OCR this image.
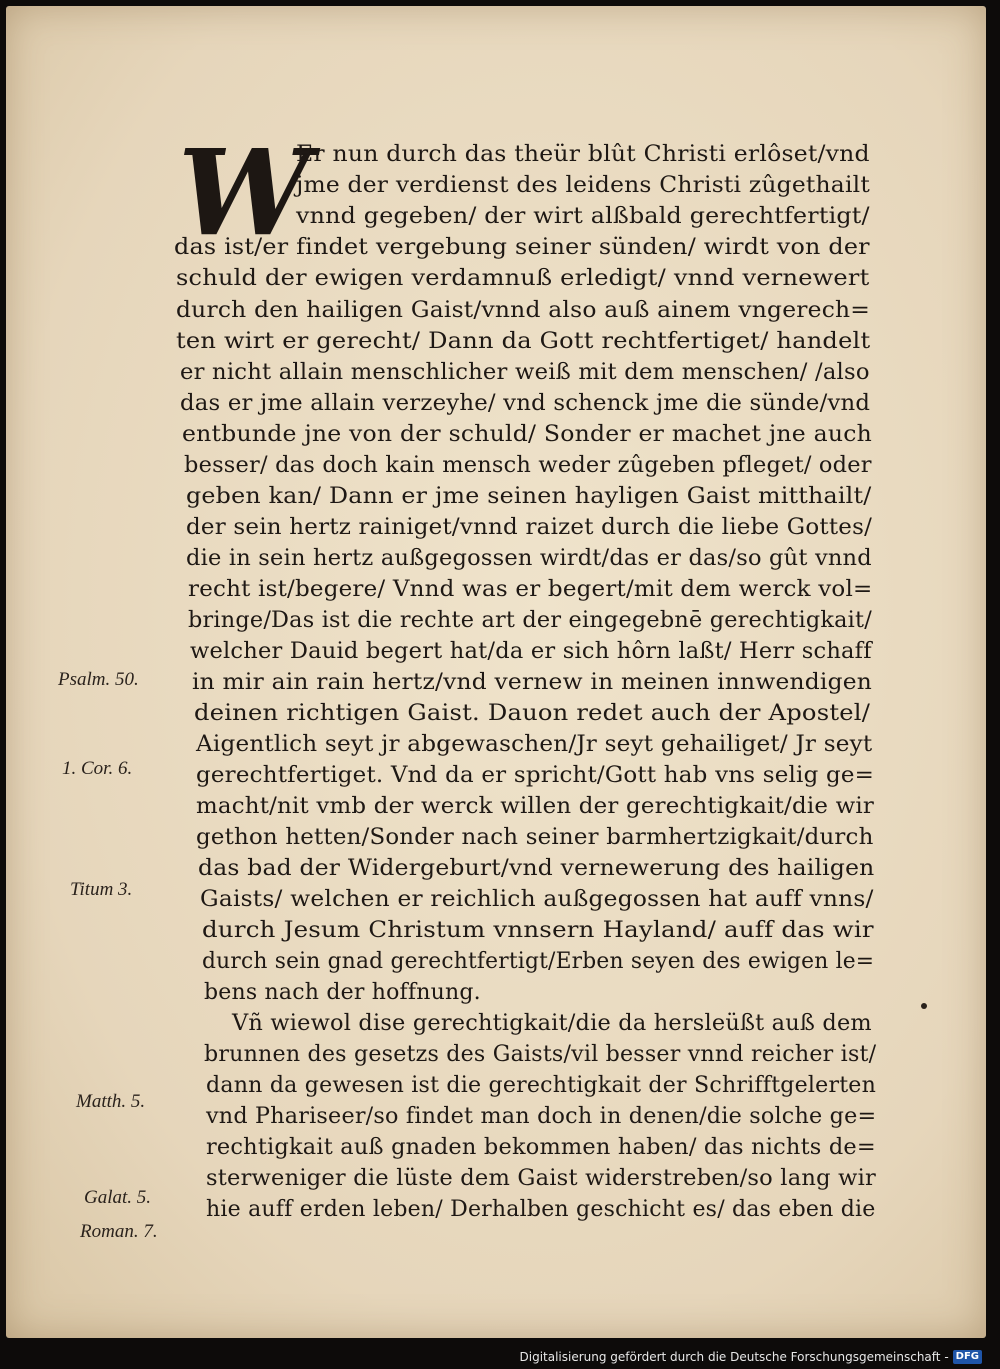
W
Er nun durch das theür blût Christi erlôset/vnd
jme der verdienst des leidens Christi zûgethailt
vnnd gegeben/ der wirt alßbald gerechtfertigt/
das ist/er findet vergebung seiner sünden/ wirdt von der
schuld der ewigen verdamnuß erledigt/ vnnd vernewert
durch den hailigen Gaist/vnnd also auß ainem vngerech=
ten wirt er gerecht/ Dann da Gott rechtfertiget/ handelt
er nicht allain menschlicher weiß mit dem menschen/ /also
das er jme allain verzeyhe/ vnd schenck jme die sünde/vnd
entbunde jne von der schuld/ Sonder er machet jne auch
besser/ das doch kain mensch weder zûgeben pfleget/ oder
geben kan/ Dann er jme seinen hayligen Gaist mitthailt/
der sein hertz rainiget/vnnd raizet durch die liebe Gottes/
die in sein hertz außgegossen wirdt/das er das/so gût vnnd
recht ist/begere/ Vnnd was er begert/mit dem werck vol=
bringe/Das ist die rechte art der eingegebnē gerechtigkait/
welcher Dauid begert hat/da er sich hôrn laßt/ Herr schaff
in mir ain rain hertz/vnd vernew in meinen innwendigen
deinen richtigen Gaist. Dauon redet auch der Apostel/
Aigentlich seyt jr abgewaschen/Jr seyt gehailiget/ Jr seyt
gerechtfertiget. Vnd da er spricht/Gott hab vns selig ge=
macht/nit vmb der werck willen der gerechtigkait/die wir
gethon hetten/Sonder nach seiner barmhertzigkait/durch
das bad der Widergeburt/vnd vernewerung des hailigen
Gaists/ welchen er reichlich außgegossen hat auff vnns/
durch Jesum Christum vnnsern Hayland/ auff das wir
durch sein gnad gerechtfertigt/Erben seyen des ewigen le=
bens nach der hoffnung.
Vñ wiewol dise gerechtigkait/die da hersleüßt auß dem
brunnen des gesetzs des Gaists/vil besser vnnd reicher ist/
dann da gewesen ist die gerechtigkait der Schrifftgelerten
vnd Phariseer/so findet man doch in denen/die solche ge=
rechtigkait auß gnaden bekommen haben/ das nichts de=
sterweniger die lüste dem Gaist widerstreben/so lang wir
hie auff erden leben/ Derhalben geschicht es/ das eben die
Psalm. 50.
1. Cor. 6.
Titum 3.
Matth. 5.
Galat. 5.
Roman. 7.
Digitalisierung gefördert durch die Deutsche Forschungsgemeinschaft - DFG
